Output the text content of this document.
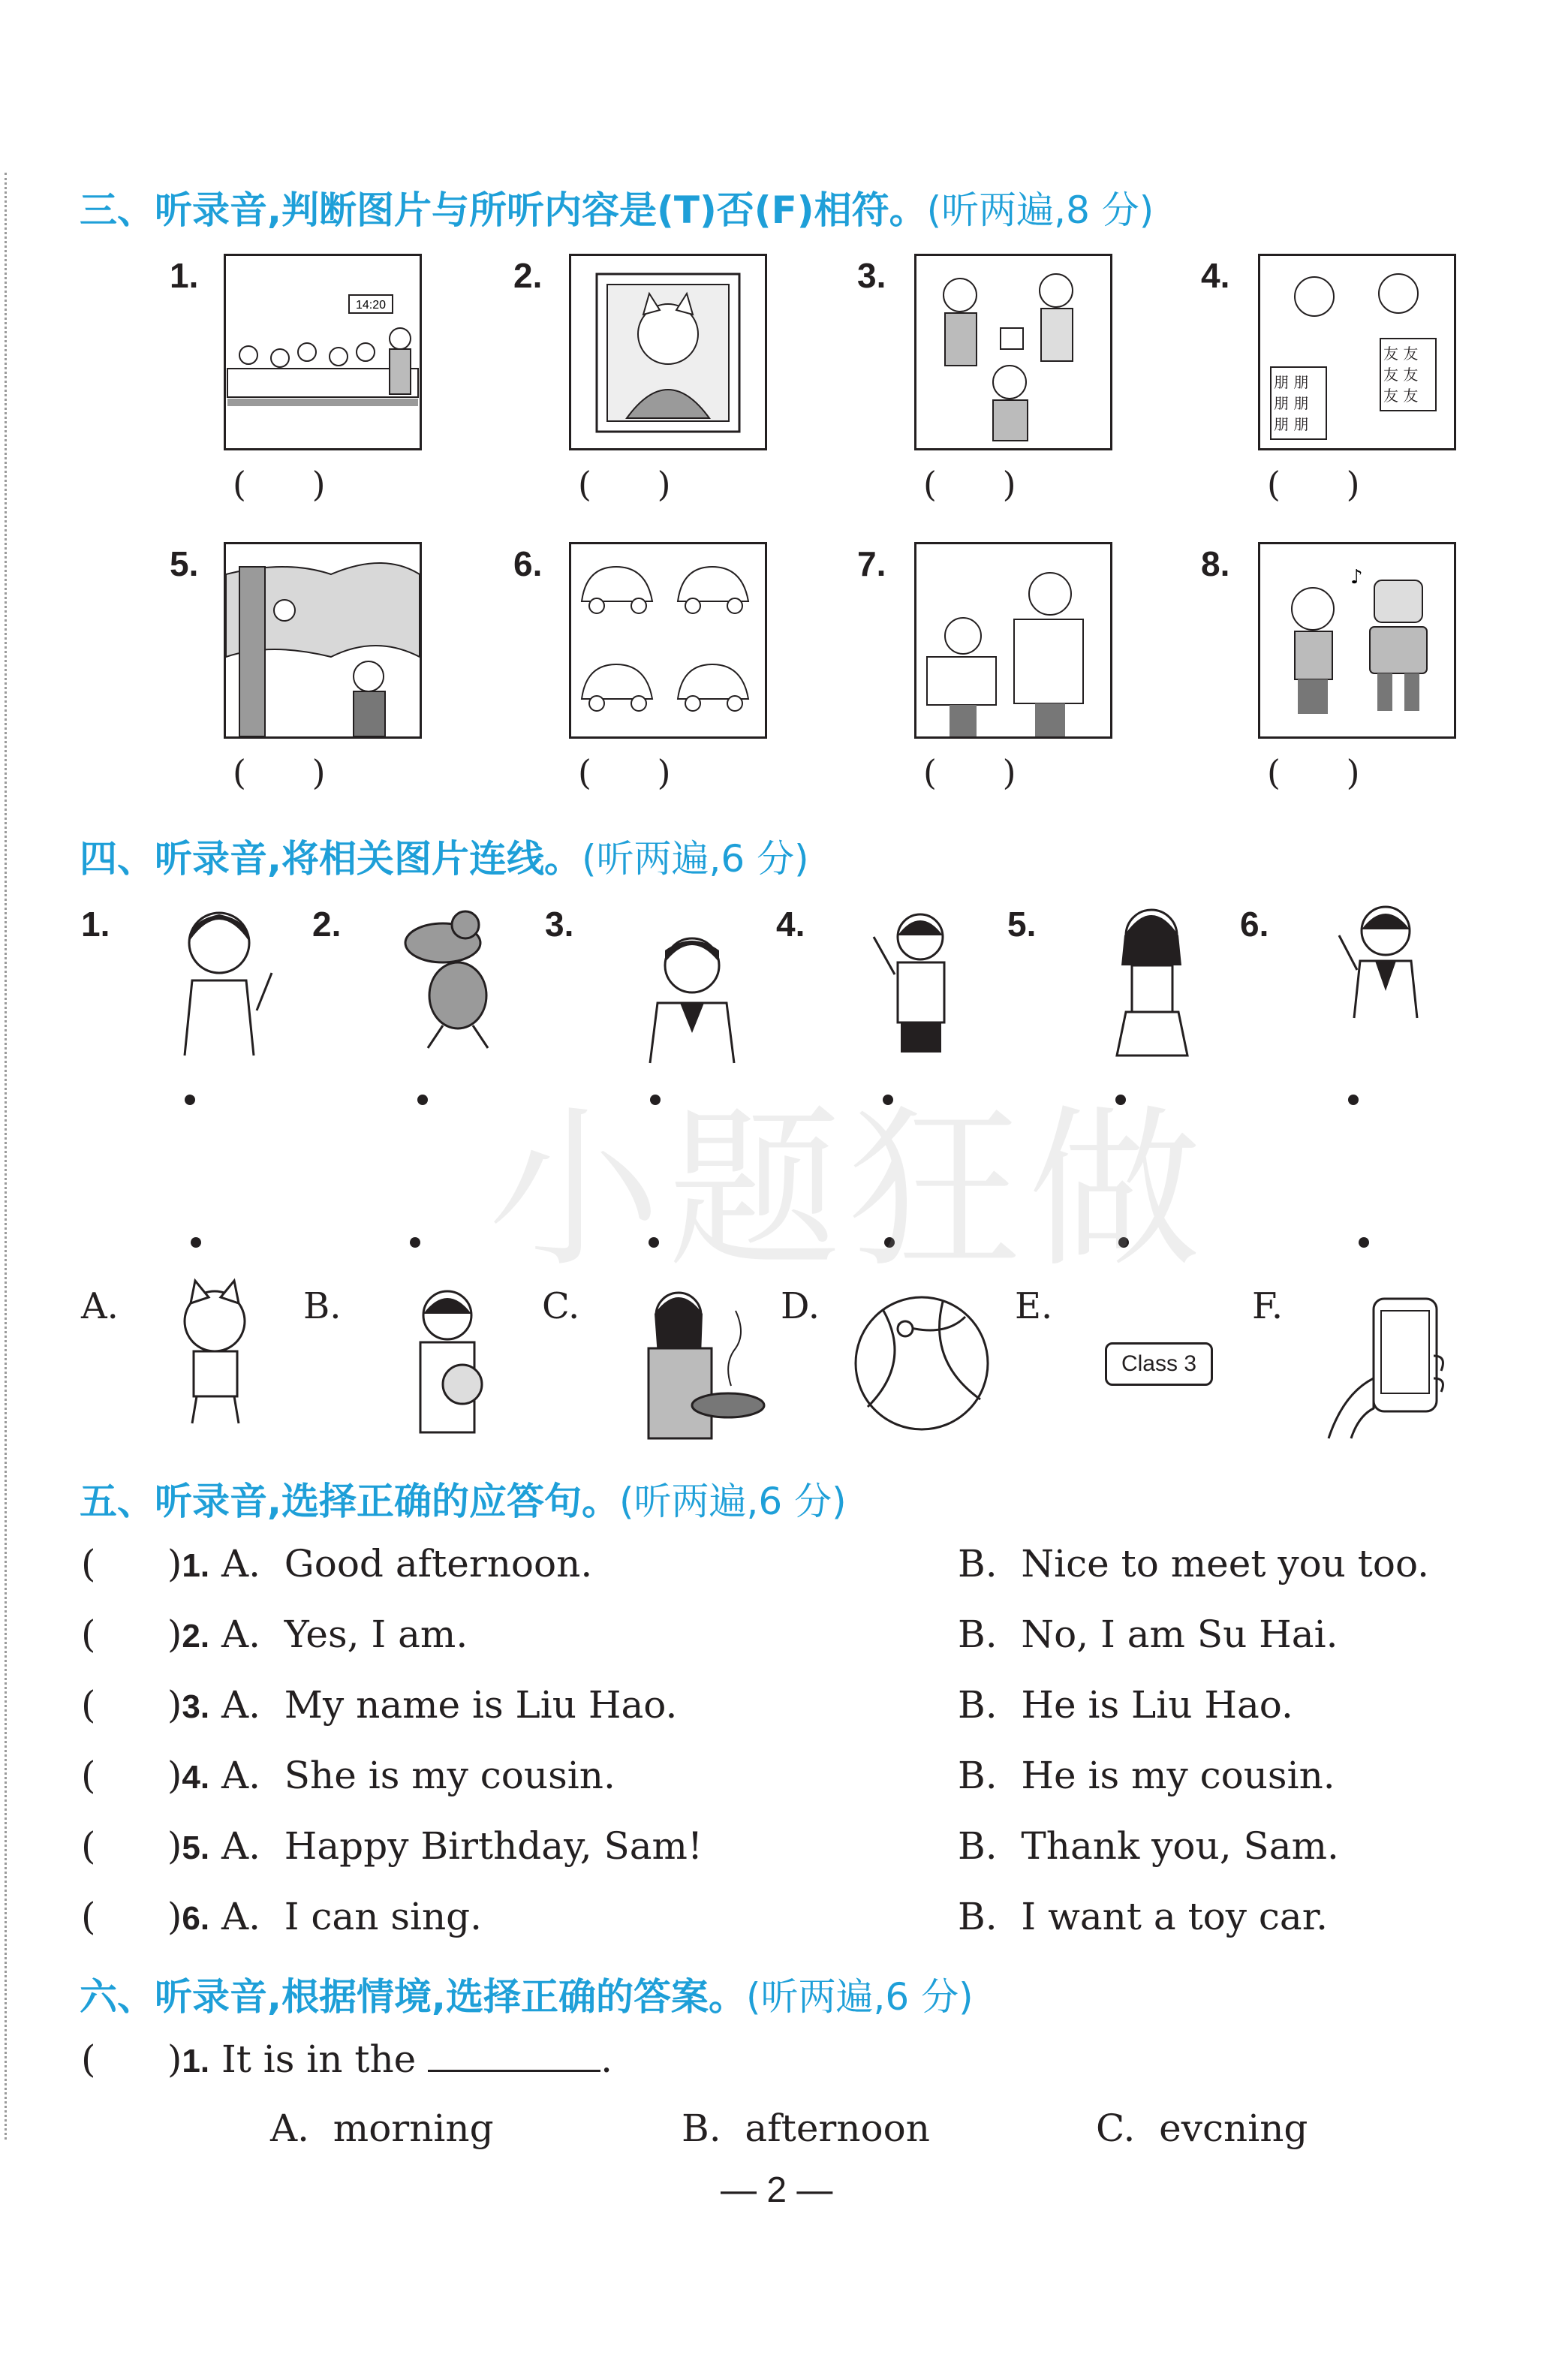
三、听录音,判断图片与所听内容是(T)否(F)相符。(听两遍,8 分)
1.
14:20
(      )
2.
(      )
3.
(      )
4.
朋 朋 朋 朋 朋 朋
友 友 友 友 友 友
(      )
5.
(      )
6.
(      )
7.
(      )
8.	♪
(      )
四、听录音,将相关图片连线。(听两遍,6 分)
1.	2.	3.	4.	5.	6.
A.	B.	C.	D.	E.
Class 3
F.
五、听录音,选择正确的应答句。(听两遍,6 分)
(      )1. A.  Good afternoon.	B.  Nice to meet you too.
(      )2. A.  Yes, I am.	B.  No, I am Su Hai.
(      )3. A.  My name is Liu Hao.	B.  He is Liu Hao.
(      )4. A.  She is my cousin.	B.  He is my cousin.
(      )5. A.  Happy Birthday, Sam!	B.  Thank you, Sam.
(      )6. A.  I can sing.	B.  I want a toy car.
六、听录音,根据情境,选择正确的答案。(听两遍,6 分)
(      )1. It is in the	.
A.  morning	B.  afternoon	C.  evcning
小题狂做
— 2 —
